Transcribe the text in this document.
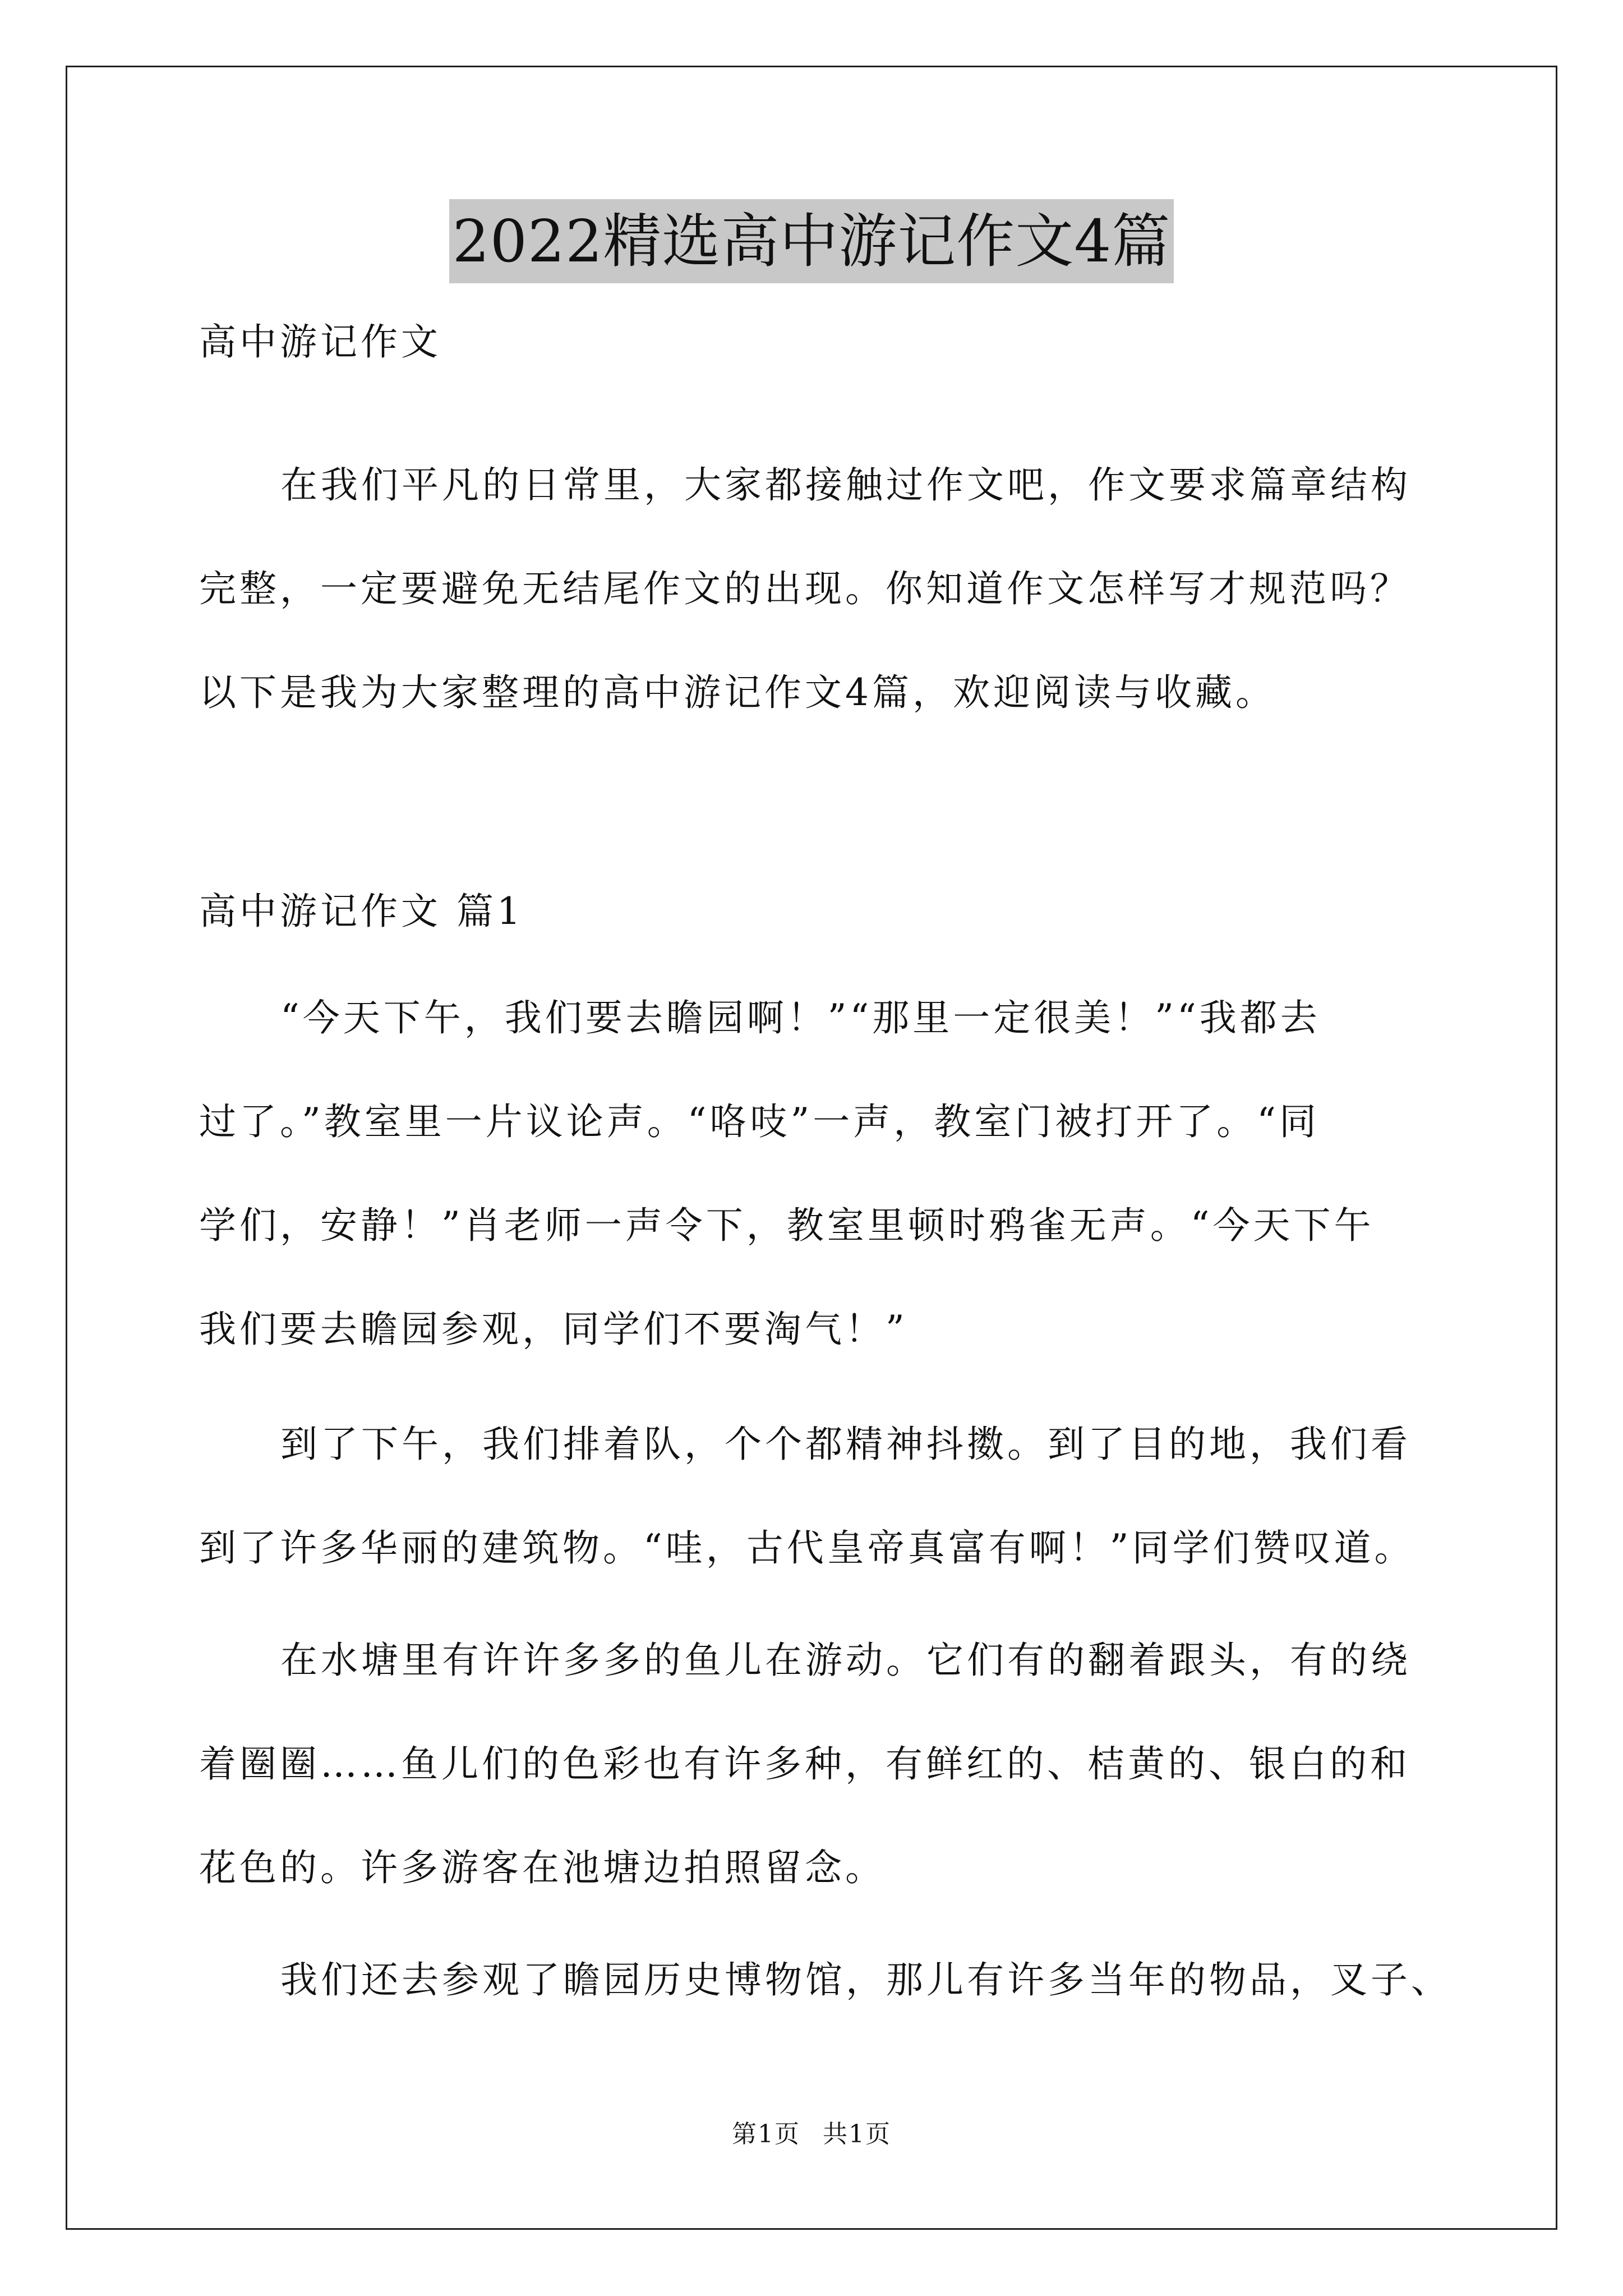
2022精选高中游记作文4篇
高中游记作文
在我们平凡的日常里，大家都接触过作文吧，作文要求篇章结构
完整，一定要避免无结尾作文的出现。你知道作文怎样写才规范吗？
以下是我为大家整理的高中游记作文4篇，欢迎阅读与收藏。
高中游记作文 篇1
“今天下午，我们要去瞻园啊！”“那里一定很美！”“我都去
过了。”教室里一片议论声。“咯吱”一声，教室门被打开了。“同
学们，安静！”肖老师一声令下，教室里顿时鸦雀无声。“今天下午
我们要去瞻园参观，同学们不要淘气！”
到了下午，我们排着队，个个都精神抖擞。到了目的地，我们看
到了许多华丽的建筑物。“哇，古代皇帝真富有啊！”同学们赞叹道。
在水塘里有许许多多的鱼儿在游动。它们有的翻着跟头，有的绕
着圈圈……鱼儿们的色彩也有许多种，有鲜红的、桔黄的、银白的和
花色的。许多游客在池塘边拍照留念。
我们还去参观了瞻园历史博物馆，那儿有许多当年的物品，叉子、
第1页 共1页
